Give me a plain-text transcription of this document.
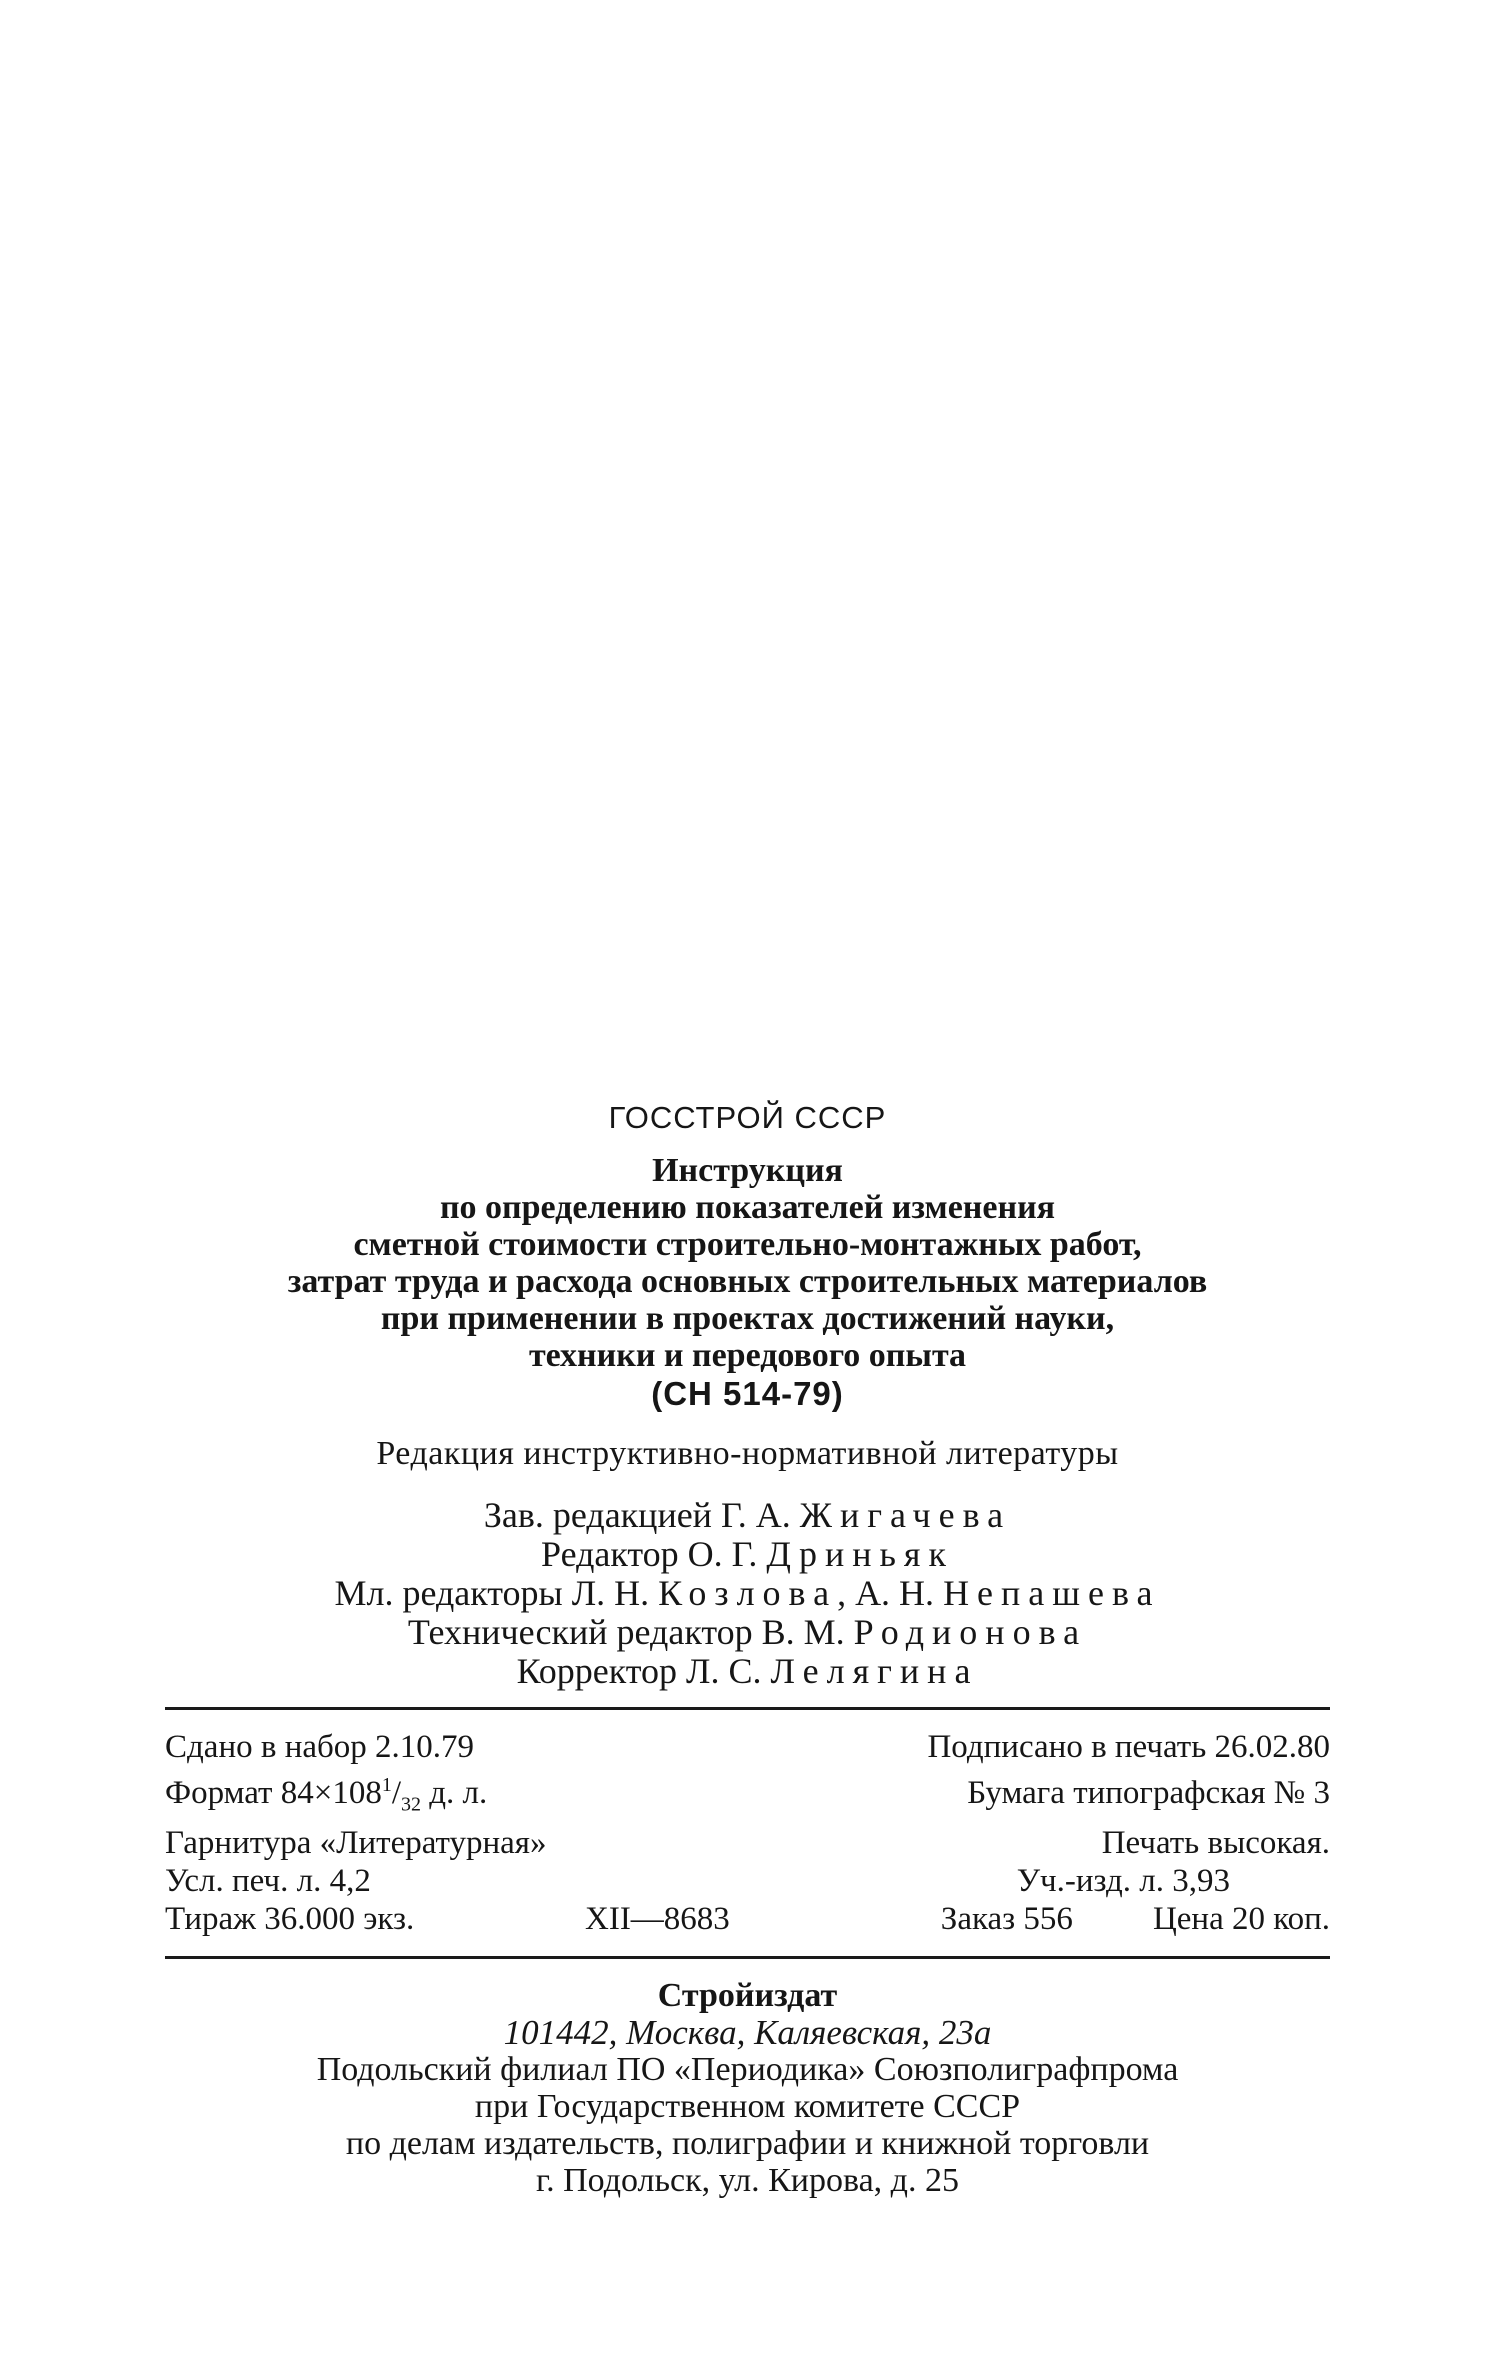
ГОССТРОЙ СССР
Инструкция
по определению показателей изменения
сметной стоимости строительно-монтажных работ,
затрат труда и расхода основных строительных материалов
при применении в проектах достижений науки,
техники и передового опыта
(СН 514-79)
Редакция инструктивно-нормативной литературы
Зав. редакцией Г. А. Жигачева
Редактор О. Г. Дриньяк
Мл. редакторы Л. Н. Козлова, А. Н. Непашева
Технический редактор В. М. Родионова
Корректор Л. С. Лелягина
Сдано в набор 2.10.79	Подписано в печать 26.02.80
Формат $84\times 108^1/_{32}$ д. л.	Бумага типографская № 3
Гарнитура «Литературная»	Печать высокая.
Усл. печ. л. 4,2	Уч.-изд. л. 3,93
Тираж 36.000 экз.	XII—8683	Заказ 556 Цена 20 коп.
Стройиздат
101442, Москва, Каляевская, 23а
Подольский филиал ПО «Периодика» Союзполиграфпрома
при Государственном комитете СССР
по делам издательств, полиграфии и книжной торговли
г. Подольск, ул. Кирова, д. 25
